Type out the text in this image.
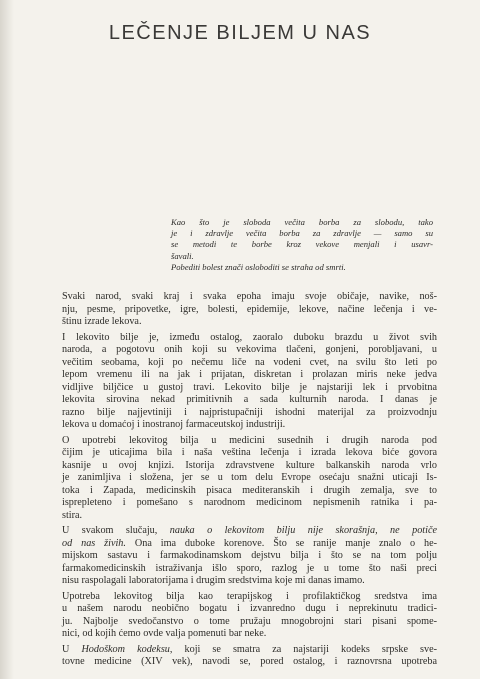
LEČENJE BILJEM U NAS

Kao što je sloboda večita borba za slobodu, tako
je i zdravlje večita borba za zdravlje — samo su
se metodi te borbe kroz vekove menjali i usavr-
šavali.

Pobediti bolest znači osloboditi se straha od smrti.

Svaki narod, svaki kraj i svaka epoha imaju svoje običaje, navike, noš-
nju, pesme, pripovetke, igre, bolesti, epidemije, lekove, načine lečenja i ve-
štinu izrade lekova.

I lekovito bilje je, između ostalog, zaoralo duboku brazdu u život svih
naroda, a pogotovu onih koji su vekovima tlačeni, gonjeni, porobljavani, u
večitim seobama, koji po nečemu liče na vodeni cvet, na svilu što leti po
lepom vremenu ili na jak i prijatan, diskretan i prolazan miris neke jedva
vidljive biljčice u gustoj travi. Lekovito bilje je najstariji lek i prvobitna
lekovita sirovina nekad primitivnih a sada kulturnih naroda. I danas je
razno bilje najjevtiniji i najpristupačniji ishodni materijal za proizvodnju
lekova u domaćoj i inostranoj farmaceutskoj industriji.

O upotrebi lekovitog bilja u medicini susednih i drugih naroda pod
čijim je uticajima bila i naša veština lečenja i izrada lekova biće govora
kasnije u ovoj knjizi. Istorija zdravstvene kulture balkanskih naroda vrlo
je zanimljiva i složena, jer se u tom delu Evrope osećaju snažni uticaji Is-
toka i Zapada, medicinskih pisaca mediteranskih i drugih zemalja, sve to
isprepleteno i pomešano s narodnom medicinom nepismenih ratnika i pa-
stira.

U svakom slučaju, nauka o lekovitom bilju nije skorašnja, ne potiče
od nas živih. Ona ima duboke korenove. Što se ranije manje znalo o he-
mijskom sastavu i farmakodinamskom dejstvu bilja i što se na tom polju
farmakomedicinskih istraživanja išlo sporo, razlog je u tome što naši preci
nisu raspolagali laboratorijama i drugim sredstvima koje mi danas imamo.

Upotreba lekovitog bilja kao terapijskog i profilaktičkog sredstva ima
u našem narodu neobično bogatu i izvanredno dugu i neprekinutu tradici-
ju. Najbolje svedočanstvo o tome pružaju mnogobrojni stari pisani spome-
nici, od kojih ćemo ovde valja pomenuti bar neke.

U Hodoškom kodeksu, koji se smatra za najstariji kodeks srpske sve-
tovne medicine (XIV vek), navodi se, pored ostalog, i raznovrsna upotreba
